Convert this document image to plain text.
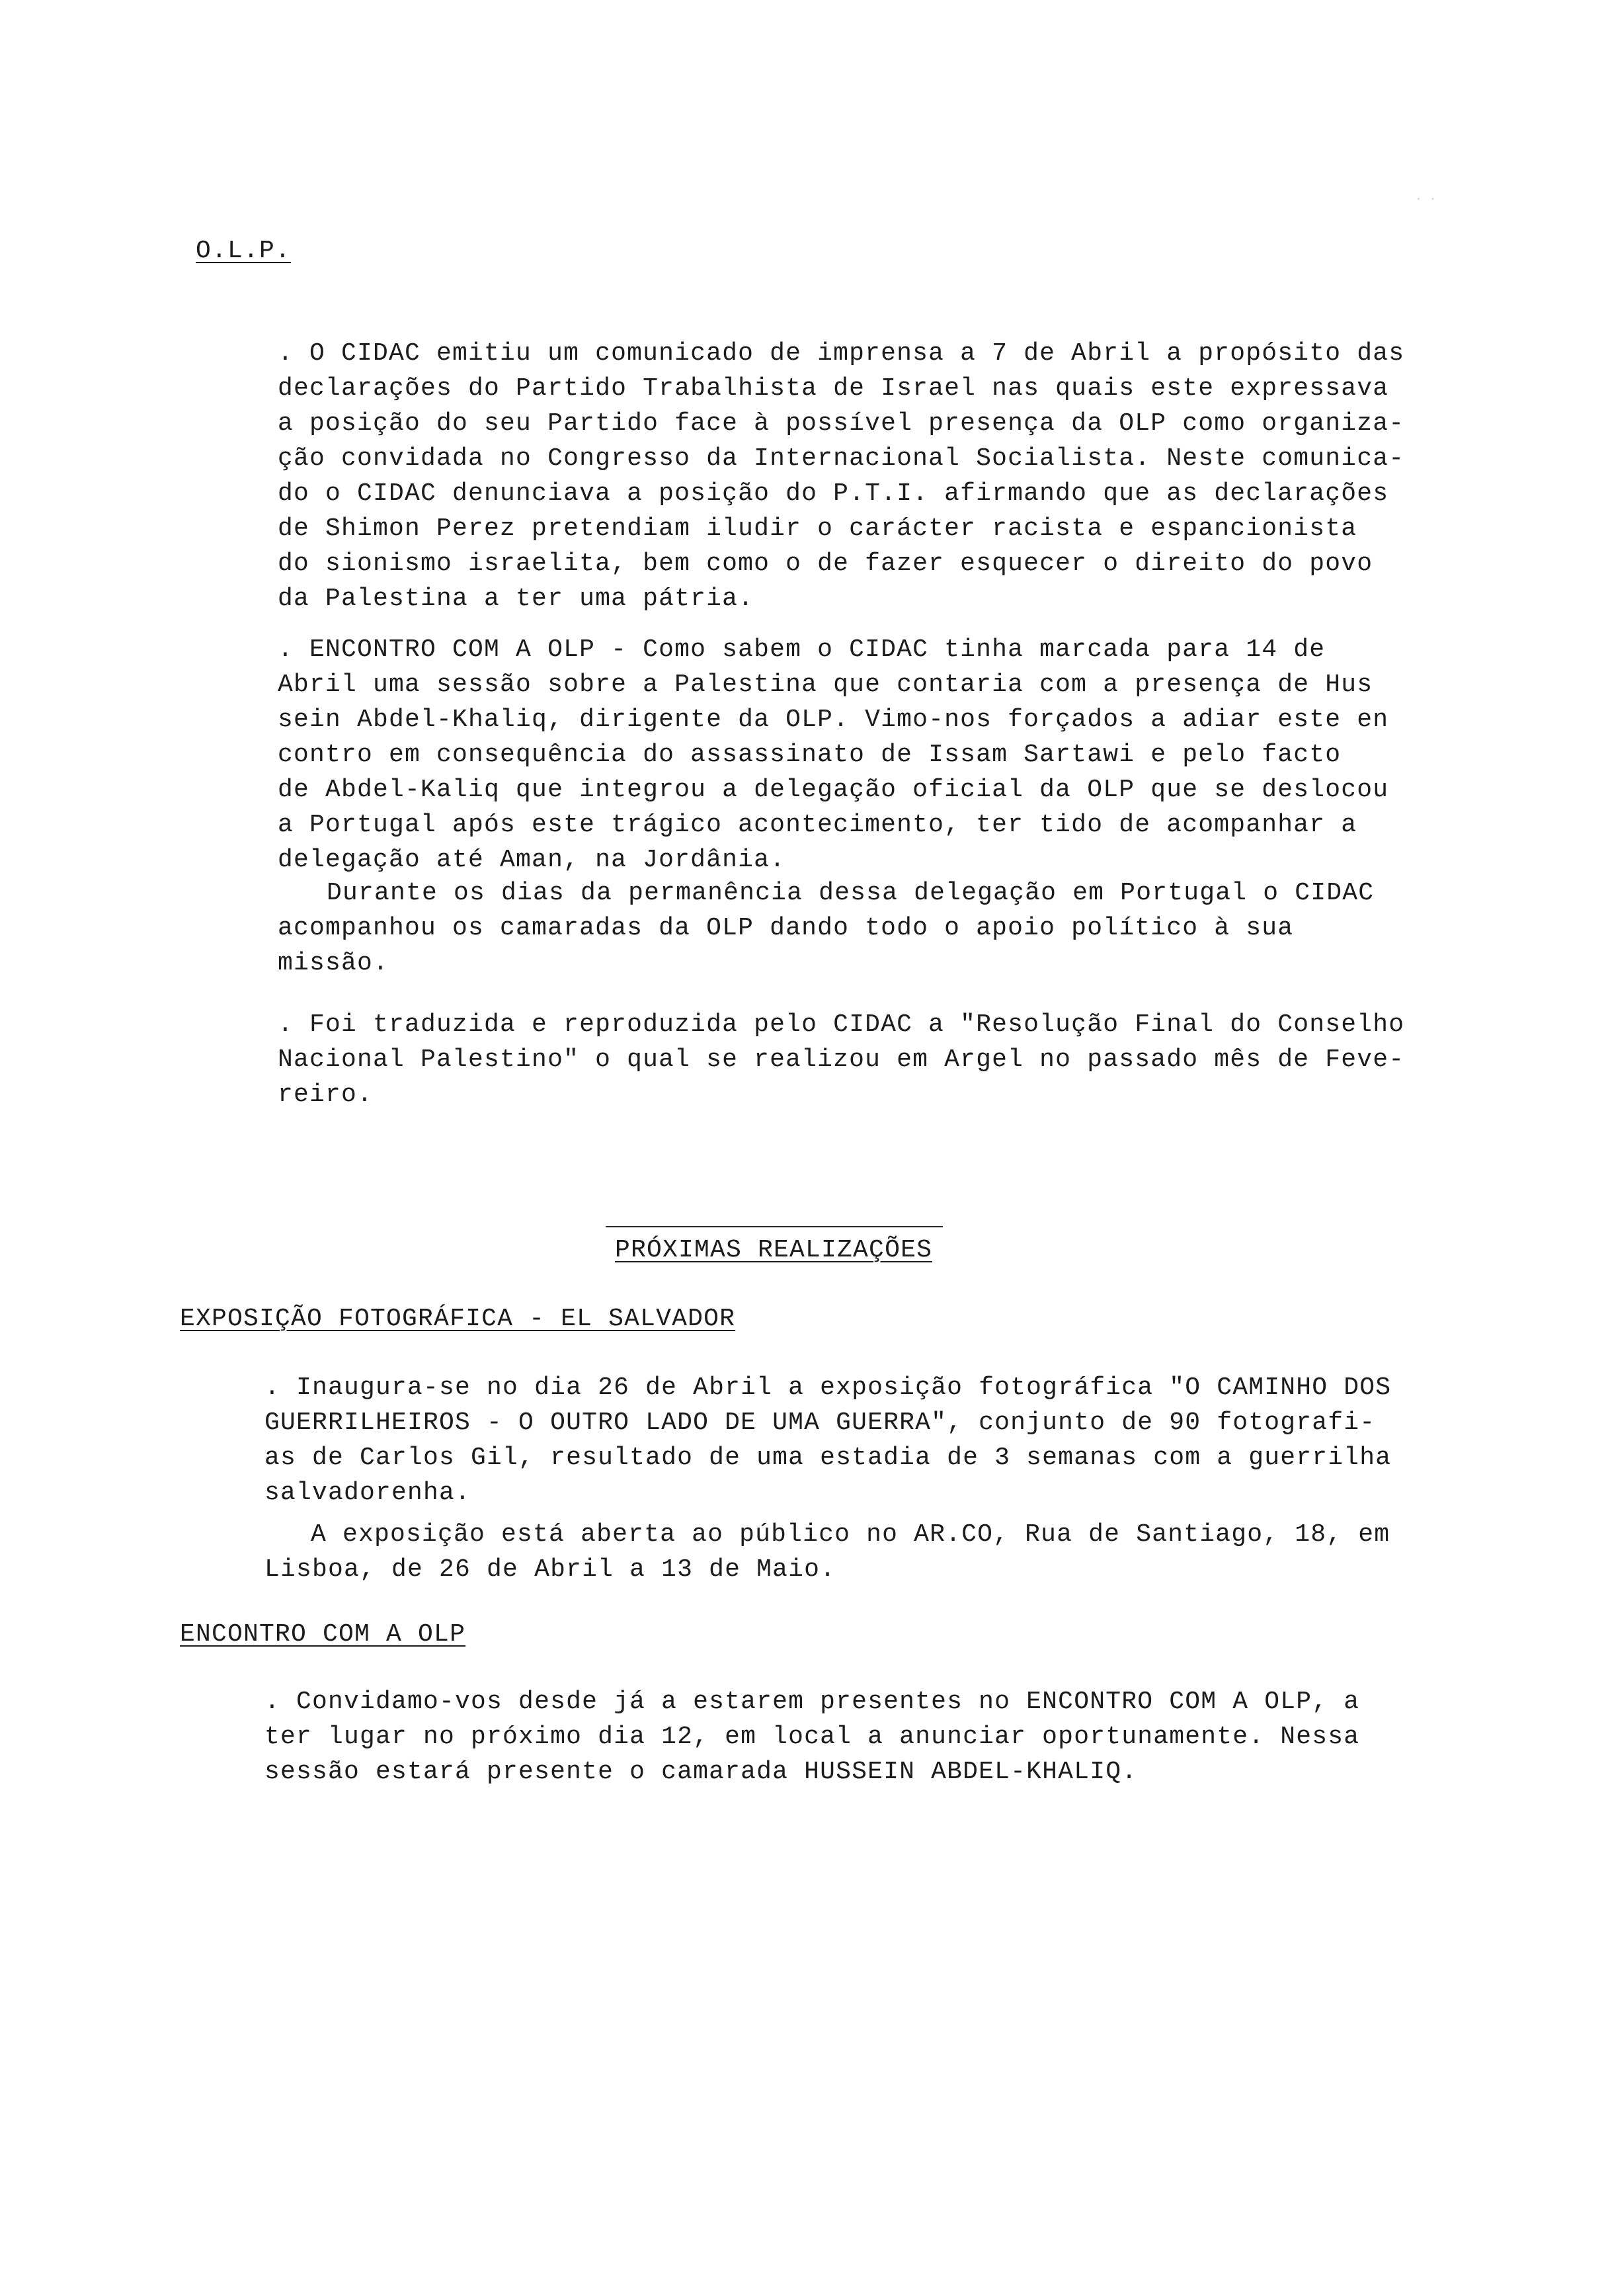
· ·
O.L.P.
. O CIDAC emitiu um comunicado de imprensa a 7 de Abril a propósito das
declarações do Partido Trabalhista de Israel nas quais este expressava
a posição do seu Partido face à possível presença da OLP como organiza-
ção convidada no Congresso da Internacional Socialista. Neste comunica-
do o CIDAC denunciava a posição do P.T.I. afirmando que as declarações
de Shimon Perez pretendiam iludir o carácter racista e espancionista
do sionismo israelita, bem como o de fazer esquecer o direito do povo
da Palestina a ter uma pátria.
. ENCONTRO COM A OLP - Como sabem o CIDAC tinha marcada para 14 de
Abril uma sessão sobre a Palestina que contaria com a presença de Hus
sein Abdel-Khaliq, dirigente da OLP. Vimo-nos forçados a adiar este en
contro em consequência do assassinato de Issam Sartawi e pelo facto
de Abdel-Kaliq que integrou a delegação oficial da OLP que se deslocou
a Portugal após este trágico acontecimento, ter tido de acompanhar a
delegação até Aman, na Jordânia.
Durante os dias da permanência dessa delegação em Portugal o CIDAC
acompanhou os camaradas da OLP dando todo o apoio político à sua
missão.
. Foi traduzida e reproduzida pelo CIDAC a "Resolução Final do Conselho
Nacional Palestino" o qual se realizou em Argel no passado mês de Feve-
reiro.
PRÓXIMAS REALIZAÇÕES
EXPOSIÇÃO FOTOGRÁFICA - EL SALVADOR
. Inaugura-se no dia 26 de Abril a exposição fotográfica "O CAMINHO DOS
GUERRILHEIROS - O OUTRO LADO DE UMA GUERRA", conjunto de 90 fotografi-
as de Carlos Gil, resultado de uma estadia de 3 semanas com a guerrilha
salvadorenha.
A exposição está aberta ao público no AR.CO, Rua de Santiago, 18, em
Lisboa, de 26 de Abril a 13 de Maio.
ENCONTRO COM A OLP
. Convidamo-vos desde já a estarem presentes no ENCONTRO COM A OLP, a
ter lugar no próximo dia 12, em local a anunciar oportunamente. Nessa
sessão estará presente o camarada HUSSEIN ABDEL-KHALIQ.
